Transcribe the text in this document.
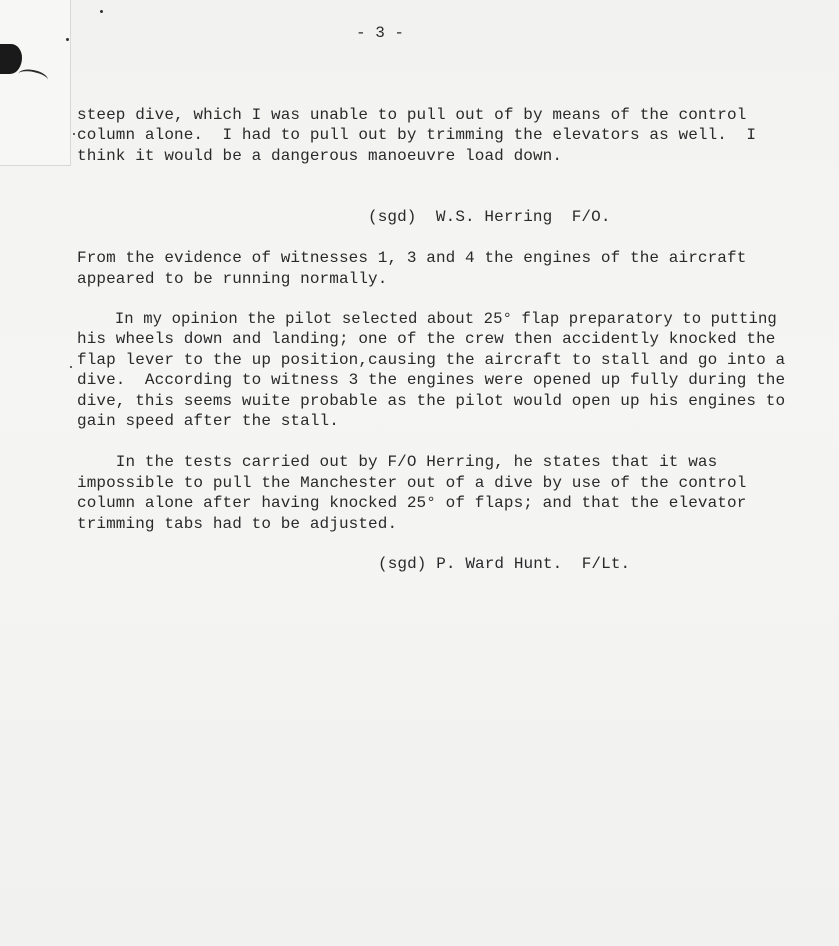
- 3 -
steep dive, which I was unable to pull out of by means of the control
column alone.  I had to pull out by trimming the elevators as well.  I
think it would be a dangerous manoeuvre load down.
(sgd)  W.S. Herring  F/O.
From the evidence of witnesses 1, 3 and 4 the engines of the aircraft
appeared to be running normally.
In my opinion the pilot selected about 25° flap preparatory to putting
his wheels down and landing; one of the crew then accidently knocked the
flap lever to the up position,causing the aircraft to stall and go into a
dive.  According to witness 3 the engines were opened up fully during the
dive, this seems wuite probable as the pilot would open up his engines to
gain speed after the stall.
In the tests carried out by F/O Herring, he states that it was
impossible to pull the Manchester out of a dive by use of the control
column alone after having knocked 25° of flaps; and that the elevator
trimming tabs had to be adjusted.
(sgd) P. Ward Hunt.  F/Lt.
